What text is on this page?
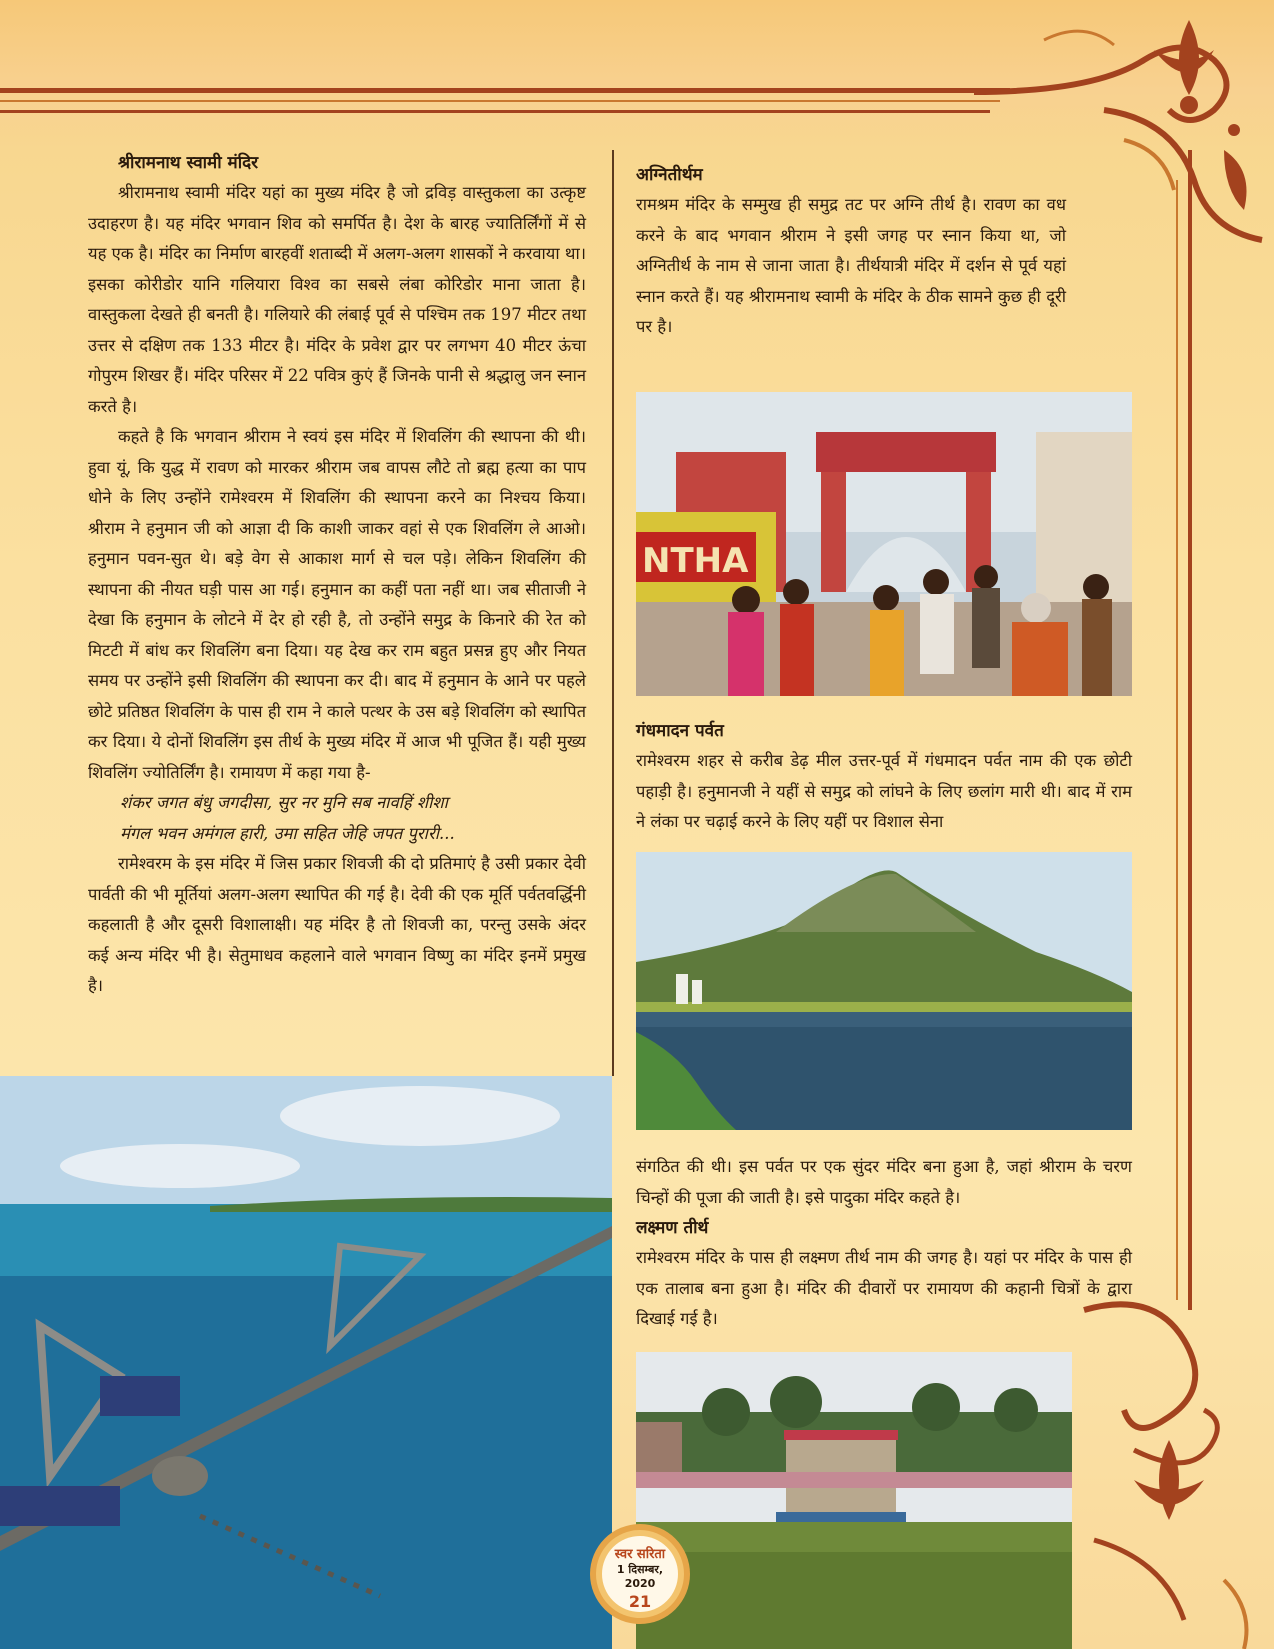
श्रीरामनाथ स्वामी मंदिर

श्रीरामनाथ स्वामी मंदिर यहां का मुख्य मंदिर है जो द्रविड़ वास्तुकला का उत्कृष्ट उदाहरण है। यह मंदिर भगवान शिव को समर्पित है। देश के बारह ज्यातिर्लिंगों में से यह एक है। मंदिर का निर्माण बारहवीं शताब्दी में अलग-अलग शासकों ने करवाया था। इसका कोरीडोर यानि गलियारा विश्व का सबसे लंबा कोरिडोर माना जाता है। वास्तुकला देखते ही बनती है। गलियारे की लंबाई पूर्व से पश्चिम तक 197 मीटर तथा उत्तर से दक्षिण तक 133 मीटर है। मंदिर के प्रवेश द्वार पर लगभग 40 मीटर ऊंचा गोपुरम शिखर हैं। मंदिर परिसर में 22 पवित्र कुएं हैं जिनके पानी से श्रद्धालु जन स्नान करते है।

कहते है कि भगवान श्रीराम ने स्वयं इस मंदिर में शिवलिंग की स्थापना की थी। हुवा यूं, कि युद्ध में रावण को मारकर श्रीराम जब वापस लौटे तो ब्रह्म हत्या का पाप धोने के लिए उन्होंने रामेश्वरम में शिवलिंग की स्थापना करने का निश्चय किया। श्रीराम ने हनुमान जी को आज्ञा दी कि काशी जाकर वहां से एक शिवलिंग ले आओ। हनुमान पवन-सुत थे। बड़े वेग से आकाश मार्ग से चल पड़े। लेकिन शिवलिंग की स्थापना की नीयत घड़ी पास आ गई। हनुमान का कहीं पता नहीं था। जब सीताजी ने देखा कि हनुमान के लोटने में देर हो रही है, तो उन्होंने समुद्र के किनारे की रेत को मिटटी में बांध कर शिवलिंग बना दिया। यह देख कर राम बहुत प्रसन्न हुए और नियत समय पर उन्होंने इसी शिवलिंग की स्थापना कर दी। बाद में हनुमान के आने पर पहले छोटे प्रतिष्ठत शिवलिंग के पास ही राम ने काले पत्थर के उस बड़े शिवलिंग को स्थापित कर दिया। ये दोनों शिवलिंग इस तीर्थ के मुख्य मंदिर में आज भी पूजित हैं। यही मुख्य शिवलिंग ज्योतिर्लिंग है। रामायण में कहा गया है-

शंकर जगत बंधु जगदीसा, सुर नर मुनि सब नावहिं शीशा
मंगल भवन अमंगल हारी, उमा सहित जेहि जपत पुरारी...

रामेश्वरम के इस मंदिर में जिस प्रकार शिवजी की दो प्रतिमाएं है उसी प्रकार देवी पार्वती की भी मूर्तियां अलग-अलग स्थापित की गई है। देवी की एक मूर्ति पर्वतवर्द्धिनी कहलाती है और दूसरी विशालाक्षी। यह मंदिर है तो शिवजी का, परन्तु उसके अंदर कई अन्य मंदिर भी है। सेतुमाधव कहलाने वाले भगवान विष्णु का मंदिर इनमें प्रमुख है।

अग्नितीर्थम

रामश्रम मंदिर के सम्मुख ही समुद्र तट पर अग्नि तीर्थ है। रावण का वध करने के बाद भगवान श्रीराम ने इसी जगह पर स्नान किया था, जो अग्नितीर्थ के नाम से जाना जाता है। तीर्थयात्री मंदिर में दर्शन से पूर्व यहां स्नान करते हैं। यह श्रीरामनाथ स्वामी के मंदिर के ठीक सामने कुछ ही दूरी पर है।

गंधमादन पर्वत

रामेश्वरम शहर से करीब डेढ़ मील उत्तर-पूर्व में गंधमादन पर्वत नाम की एक छोटी पहाड़ी है। हनुमानजी ने यहीं से समुद्र को लांघने के लिए छलांग मारी थी। बाद में राम ने लंका पर चढ़ाई करने के लिए यहीं पर विशाल सेना

संगठित की थी। इस पर्वत पर एक सुंदर मंदिर बना हुआ है, जहां श्रीराम के चरण चिन्हों की पूजा की जाती है। इसे पादुका मंदिर कहते है।

लक्ष्मण तीर्थ

रामेश्वरम मंदिर के पास ही लक्ष्मण तीर्थ नाम की जगह है। यहां पर मंदिर के पास ही एक तालाब बना हुआ है। मंदिर की दीवारों पर रामायण की कहानी चित्रों के द्वारा दिखाई गई है।

NTHA
स्वर सरिता
1 दिसम्बर, 2020
21
